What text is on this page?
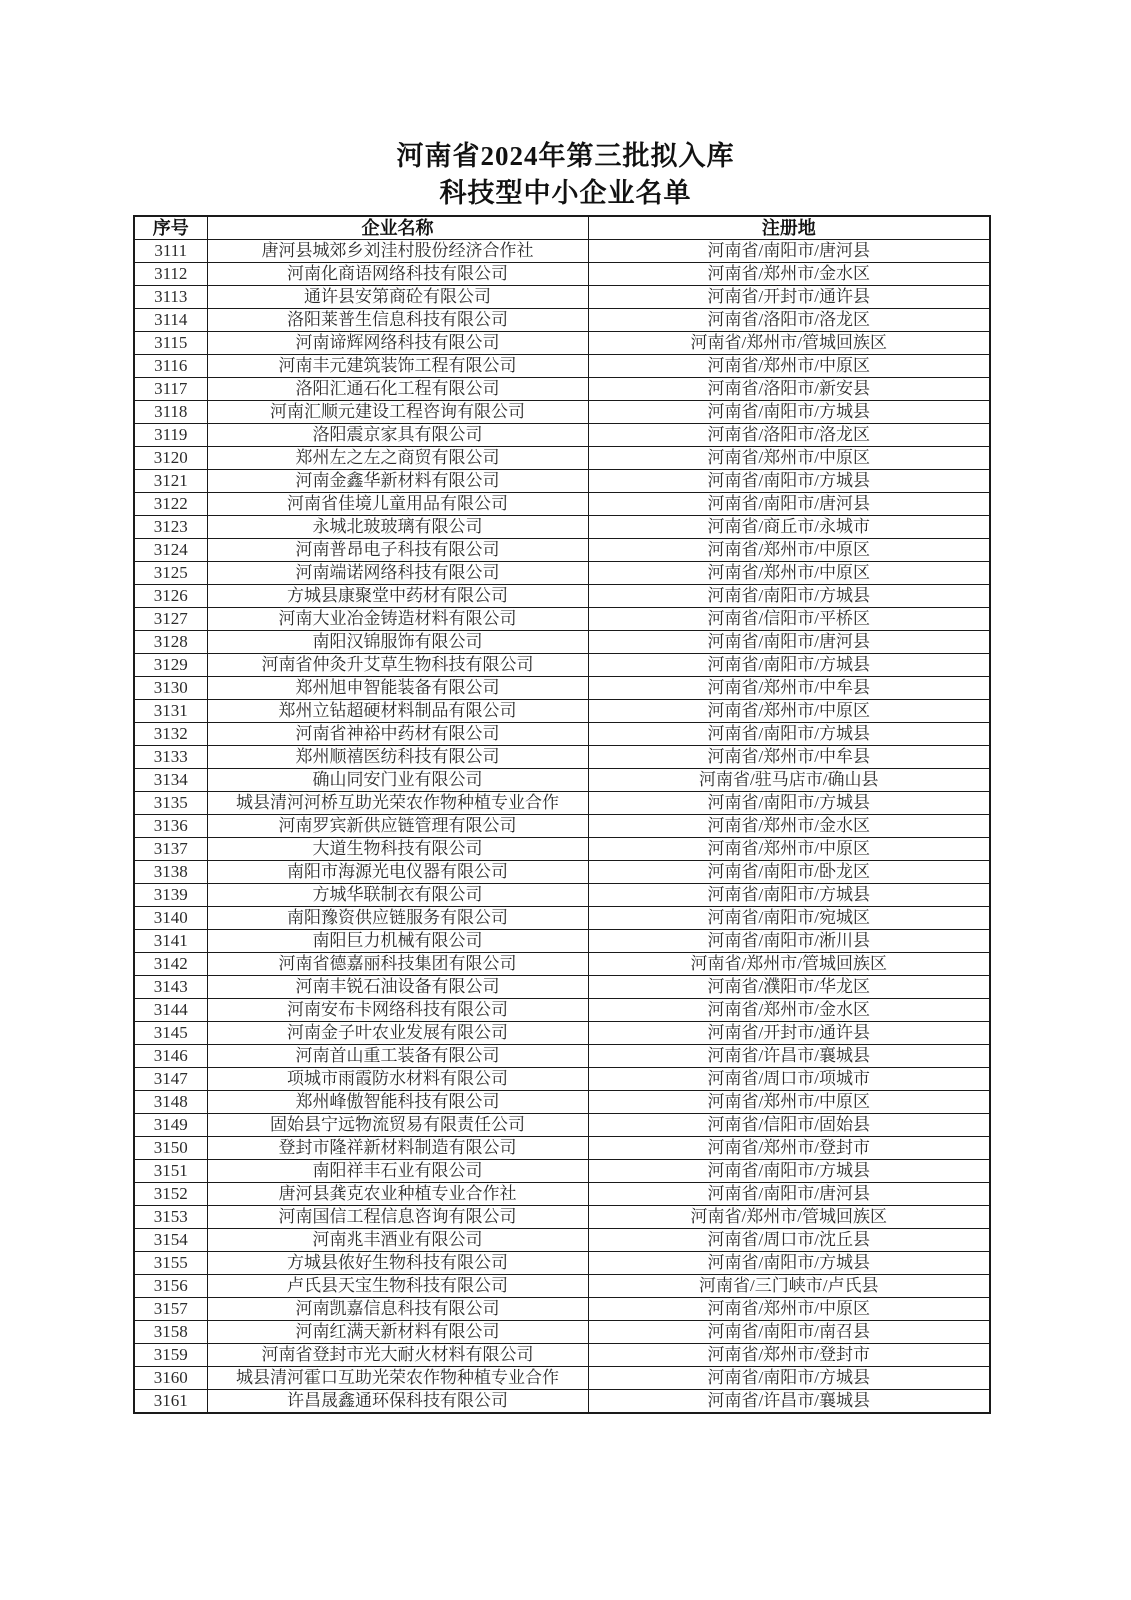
河南省2024年第三批拟入库

科技型中小企业名单

序号	企业名称	注册地
3111	唐河县城郊乡刘洼村股份经济合作社	河南省/南阳市/唐河县
3112	河南化商语网络科技有限公司	河南省/郑州市/金水区
3113	通许县安第商砼有限公司	河南省/开封市/通许县
3114	洛阳莱普生信息科技有限公司	河南省/洛阳市/洛龙区
3115	河南谛辉网络科技有限公司	河南省/郑州市/管城回族区
3116	河南丰元建筑装饰工程有限公司	河南省/郑州市/中原区
3117	洛阳汇通石化工程有限公司	河南省/洛阳市/新安县
3118	河南汇顺元建设工程咨询有限公司	河南省/南阳市/方城县
3119	洛阳震京家具有限公司	河南省/洛阳市/洛龙区
3120	郑州左之左之商贸有限公司	河南省/郑州市/中原区
3121	河南金鑫华新材料有限公司	河南省/南阳市/方城县
3122	河南省佳境儿童用品有限公司	河南省/南阳市/唐河县
3123	永城北玻玻璃有限公司	河南省/商丘市/永城市
3124	河南普昂电子科技有限公司	河南省/郑州市/中原区
3125	河南端诺网络科技有限公司	河南省/郑州市/中原区
3126	方城县康聚堂中药材有限公司	河南省/南阳市/方城县
3127	河南大业冶金铸造材料有限公司	河南省/信阳市/平桥区
3128	南阳汉锦服饰有限公司	河南省/南阳市/唐河县
3129	河南省仲灸升艾草生物科技有限公司	河南省/南阳市/方城县
3130	郑州旭申智能装备有限公司	河南省/郑州市/中牟县
3131	郑州立钻超硬材料制品有限公司	河南省/郑州市/中原区
3132	河南省神裕中药材有限公司	河南省/南阳市/方城县
3133	郑州顺禧医纺科技有限公司	河南省/郑州市/中牟县
3134	确山同安门业有限公司	河南省/驻马店市/确山县
3135	城县清河河桥互助光荣农作物种植专业合作	河南省/南阳市/方城县
3136	河南罗宾新供应链管理有限公司	河南省/郑州市/金水区
3137	大道生物科技有限公司	河南省/郑州市/中原区
3138	南阳市海源光电仪器有限公司	河南省/南阳市/卧龙区
3139	方城华联制衣有限公司	河南省/南阳市/方城县
3140	南阳豫资供应链服务有限公司	河南省/南阳市/宛城区
3141	南阳巨力机械有限公司	河南省/南阳市/淅川县
3142	河南省德嘉丽科技集团有限公司	河南省/郑州市/管城回族区
3143	河南丰锐石油设备有限公司	河南省/濮阳市/华龙区
3144	河南安布卡网络科技有限公司	河南省/郑州市/金水区
3145	河南金子叶农业发展有限公司	河南省/开封市/通许县
3146	河南首山重工装备有限公司	河南省/许昌市/襄城县
3147	项城市雨霞防水材料有限公司	河南省/周口市/项城市
3148	郑州峰傲智能科技有限公司	河南省/郑州市/中原区
3149	固始县宁远物流贸易有限责任公司	河南省/信阳市/固始县
3150	登封市隆祥新材料制造有限公司	河南省/郑州市/登封市
3151	南阳祥丰石业有限公司	河南省/南阳市/方城县
3152	唐河县龚克农业种植专业合作社	河南省/南阳市/唐河县
3153	河南国信工程信息咨询有限公司	河南省/郑州市/管城回族区
3154	河南兆丰酒业有限公司	河南省/周口市/沈丘县
3155	方城县侬好生物科技有限公司	河南省/南阳市/方城县
3156	卢氏县天宝生物科技有限公司	河南省/三门峡市/卢氏县
3157	河南凯嘉信息科技有限公司	河南省/郑州市/中原区
3158	河南红满天新材料有限公司	河南省/南阳市/南召县
3159	河南省登封市光大耐火材料有限公司	河南省/郑州市/登封市
3160	城县清河霍口互助光荣农作物种植专业合作	河南省/南阳市/方城县
3161	许昌晟鑫通环保科技有限公司	河南省/许昌市/襄城县
